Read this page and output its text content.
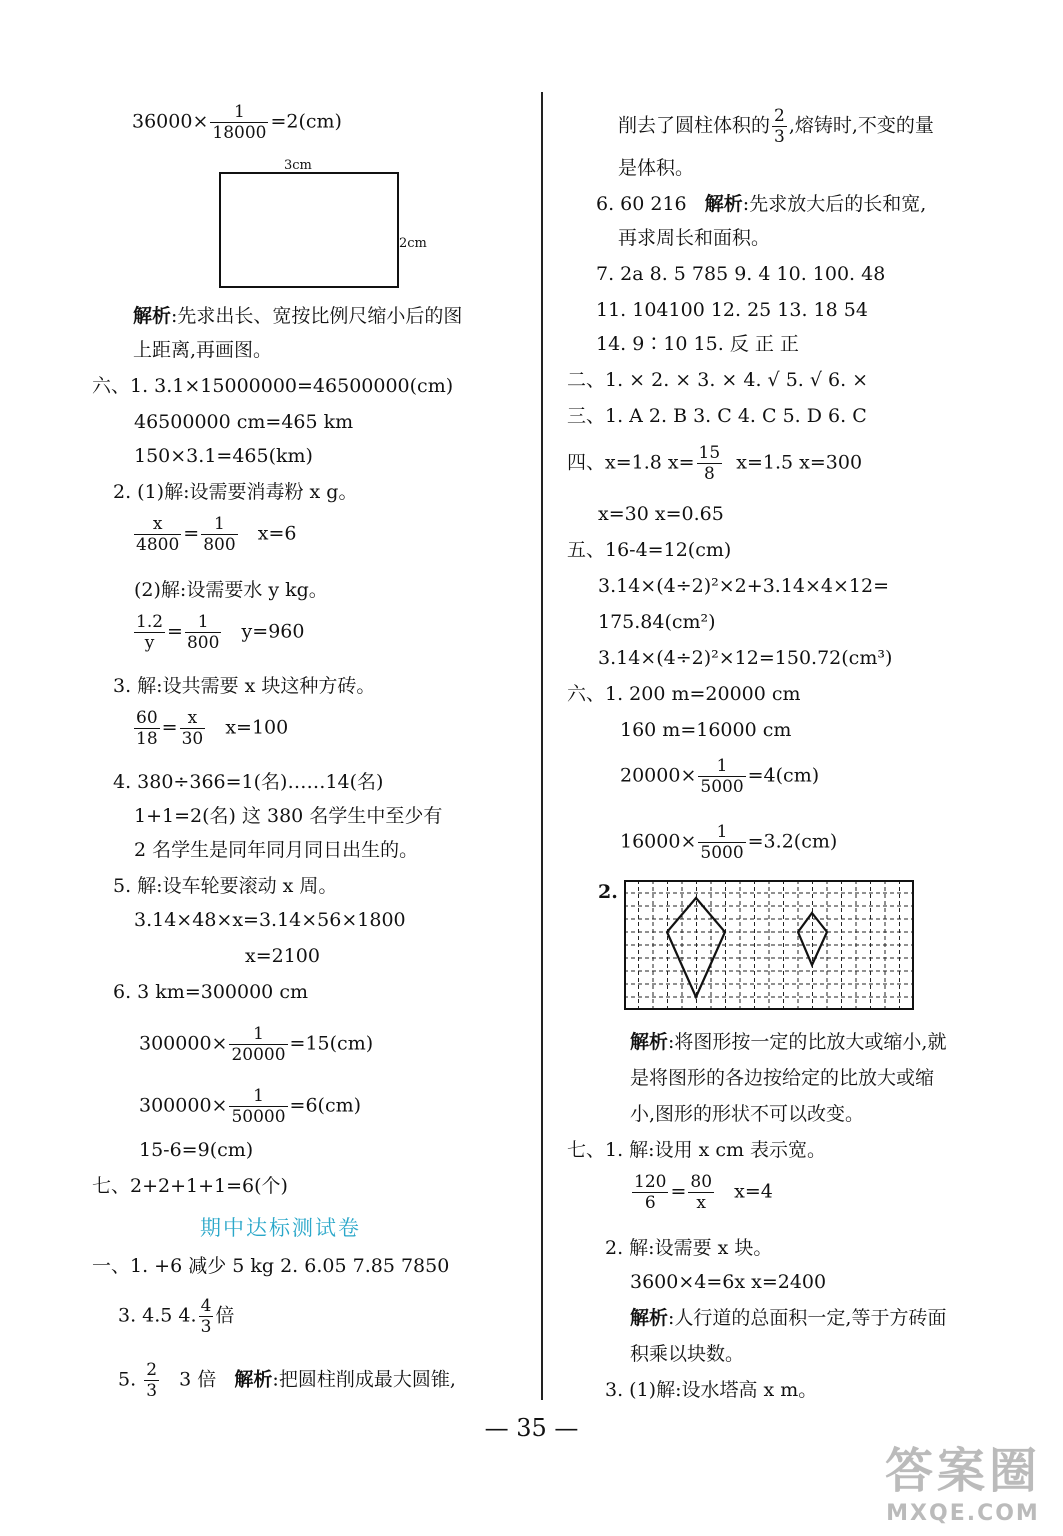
$36000\times \frac{1}{18000} =2(cm)$
3cm
2cm
解析:先求出长、宽按比例尺缩小后的图
上距离,再画图。
六、1. 3.1×15000000=46500000(cm)
46500000 cm=465 km
150×3.1=465(km)
2. (1)解:设需要消毒粉 x g。
$\frac{x}{4800} = \frac{1}{800} x=6$
(2)解:设需要水 y kg。
$\frac{1.2}{y} = \frac{1}{800} y=960$
3. 解:设共需要 x 块这种方砖。
$\frac{60}{18} = \frac{x}{30} x=100$
4. 380÷366=1(名)……14(名)
1+1=2(名) 这 380 名学生中至少有
2 名学生是同年同月同日出生的。
5. 解:设车轮要滚动 x 周。
3.14×48×x=3.14×56×1800
x=2100
6. 3 km=300000 cm
$300000\times \frac{1}{20000} =15(cm)$
$300000\times \frac{1}{50000} =6(cm)$
15-6=9(cm)
七、2+2+1+1=6(个)
期中达标测试卷
一、1. +6 减少 5 kg 2. 6.05 7.85 7850
3. 4.5 4. $\frac{4}{3}$ 倍
5. $\frac{2}{3} 3$ 倍 解析:把圆柱削成最大圆锥,
削去了圆柱体积的 $\frac{2}{3}$ ,熔铸时,不变的量
是体积。
6. 60 216 解析:先求放大后的长和宽,
再求周长和面积。
7. 2a 8. 5 785 9. 4 10. 100. 48
11. 104100 12. 25 13. 18 54
14. 9∶10 15. 反 正 正
二、1. × 2. × 3. × 4. √ 5. √ 6. ×
三、1. A 2. B 3. C 4. C 5. D 6. C
四、x=1.8 $x= \frac{15}{8} x=1.5$ x=300
x=30 x=0.65
五、16-4=12(cm)
3.14×(4÷2)²×2+3.14×4×12=
175.84(cm²)
3.14×(4÷2)²×12=150.72(cm³)
六、1. 200 m=20000 cm
160 m=16000 cm
$20000\times \frac{1}{5000} =4(cm)$
$16000\times \frac{1}{5000} =3.2(cm)$
2.
解析:将图形按一定的比放大或缩小,就
是将图形的各边按给定的比放大或缩
小,图形的形状不可以改变。
七、1. 解:设用 x cm 表示宽。
$\frac{120}{6} = \frac{80}{x} x=4$
2. 解:设需要 x 块。
3600×4=6x x=2400
解析:人行道的总面积一定,等于方砖面
积乘以块数。
3. (1)解:设水塔高 x m。
— 35 —
答案圈
MXQE.COM
